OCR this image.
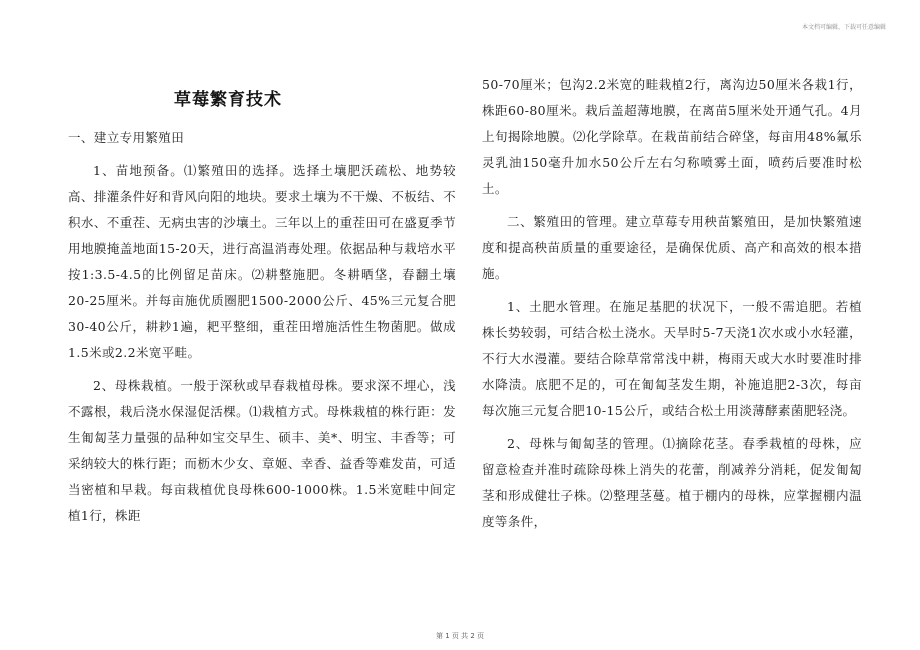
本文档可编辑，下载可任意编辑
草莓繁育技术

一、建立专用繁殖田

1、苗地预备。⑴繁殖田的选择。选择土壤肥沃疏松、地势较高、排灌条件好和背风向阳的地块。要求土壤为不干燥、不板结、不积水、不重茬、无病虫害的沙壤土。三年以上的重茬田可在盛夏季节用地膜掩盖地面15-20天，进行高温消毒处理。依据品种与栽培水平按1:3.5-4.5的比例留足苗床。⑵耕整施肥。冬耕晒垡，春翻土壤20-25厘米。并每亩施优质圈肥1500-2000公斤、45%三元复合肥30-40公斤，耕耖1遍，耙平整细，重茬田增施活性生物菌肥。做成1.5米或2.2米宽平畦。

2、母株栽植。一般于深秋或早春栽植母株。要求深不埋心，浅不露根，栽后浇水保湿促活棵。⑴栽植方式。母株栽植的株行距：发生匍匐茎力量强的品种如宝交早生、硕丰、美*、明宝、丰香等；可采纳较大的株行距；而枥木少女、章姬、幸香、益香等难发苗，可适当密植和早栽。每亩栽植优良母株600-1000株。1.5米宽畦中间定植1行，株距

50-70厘米；包沟2.2米宽的畦栽植2行，离沟边50厘米各栽1行，株距60-80厘米。栽后盖超薄地膜，在离苗5厘米处开通气孔。4月上旬揭除地膜。⑵化学除草。在栽苗前结合碎垡，每亩用48%氟乐灵乳油150毫升加水50公斤左右匀称喷雾土面，喷药后要准时松土。

二、繁殖田的管理。建立草莓专用秧苗繁殖田，是加快繁殖速度和提高秧苗质量的重要途径，是确保优质、高产和高效的根本措施。

1、土肥水管理。在施足基肥的状况下，一般不需追肥。若植株长势较弱，可结合松土浇水。天旱时5-7天浇1次水或小水轻灌，不行大水漫灌。要结合除草常常浅中耕，梅雨天或大水时要准时排水降渍。底肥不足的，可在匍匐茎发生期，补施追肥2-3次，每亩每次施三元复合肥10-15公斤，或结合松土用淡薄酵素菌肥轻浇。

2、母株与匍匐茎的管理。⑴摘除花茎。春季栽植的母株，应留意检查并准时疏除母株上消失的花蕾，削减养分消耗，促发匍匐茎和形成健壮子株。⑵整理茎蔓。植于棚内的母株，应掌握棚内温度等条件，

第 1 页 共 2 页
